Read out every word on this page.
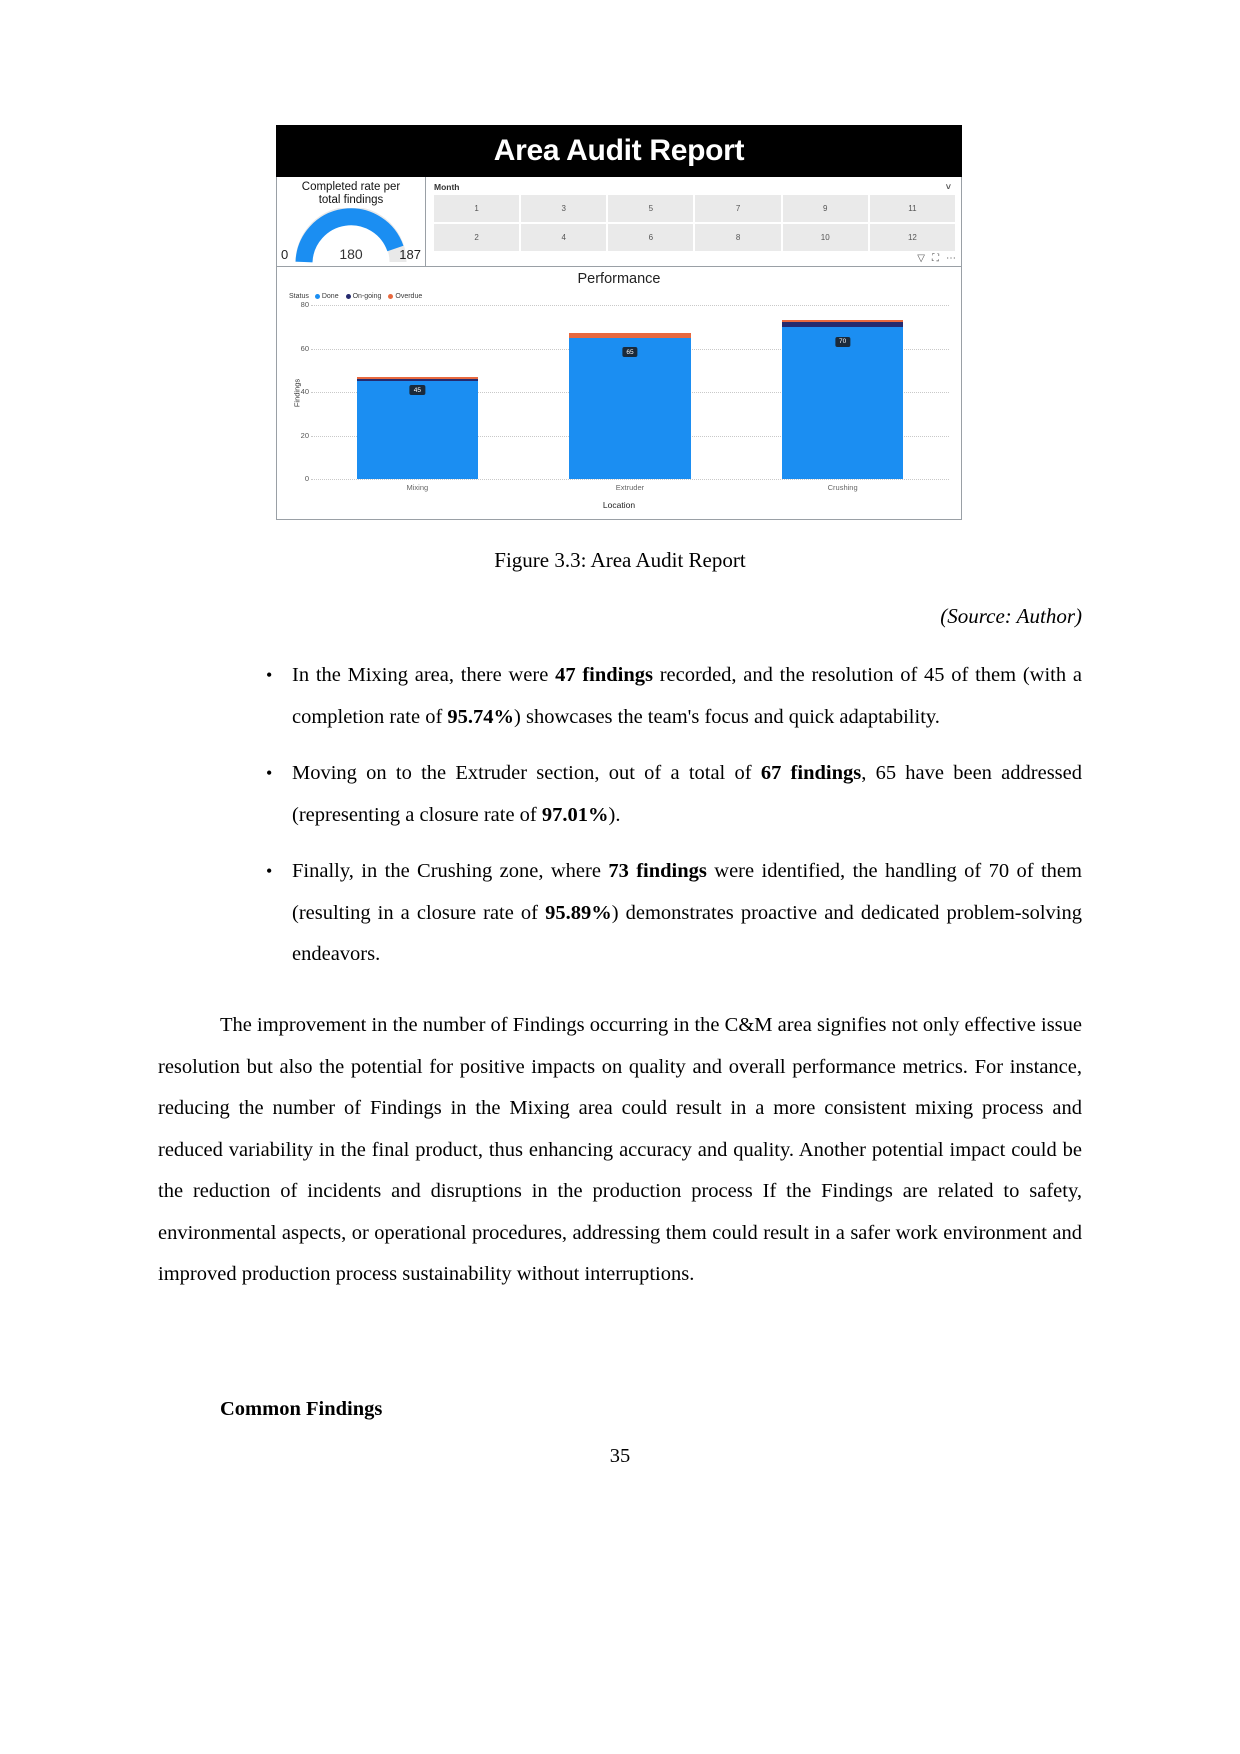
Area Audit Report
Completed rate per
total findings
0	180	187
Month	˅
1	3	5	7	9	11
2	4	6	8	10	12
▽ ⛶ ⋯
Performance
Status Done On-going Overdue
Findings
80
60
40
20
0
45
Mixing
65
Extruder
70
Crushing
Location
Figure 3.3: Area Audit Report
(Source: Author)
• In the Mixing area, there were 47 findings recorded, and the resolution of 45 of them (with a completion rate of 95.74%) showcases the team's focus and quick adaptability.
• Moving on to the Extruder section, out of a total of 67 findings, 65 have been addressed (representing a closure rate of 97.01%).
• Finally, in the Crushing zone, where 73 findings were identified, the handling of 70 of them (resulting in a closure rate of 95.89%) demonstrates proactive and dedicated problem-solving endeavors.
The improvement in the number of Findings occurring in the C&M area signifies not only effective issue resolution but also the potential for positive impacts on quality and overall performance metrics. For instance, reducing the number of Findings in the Mixing area could result in a more consistent mixing process and reduced variability in the final product, thus enhancing accuracy and quality. Another potential impact could be the reduction of incidents and disruptions in the production process If the Findings are related to safety, environmental aspects, or operational procedures, addressing them could result in a safer work environment and improved production process sustainability without interruptions.
Common Findings
35
